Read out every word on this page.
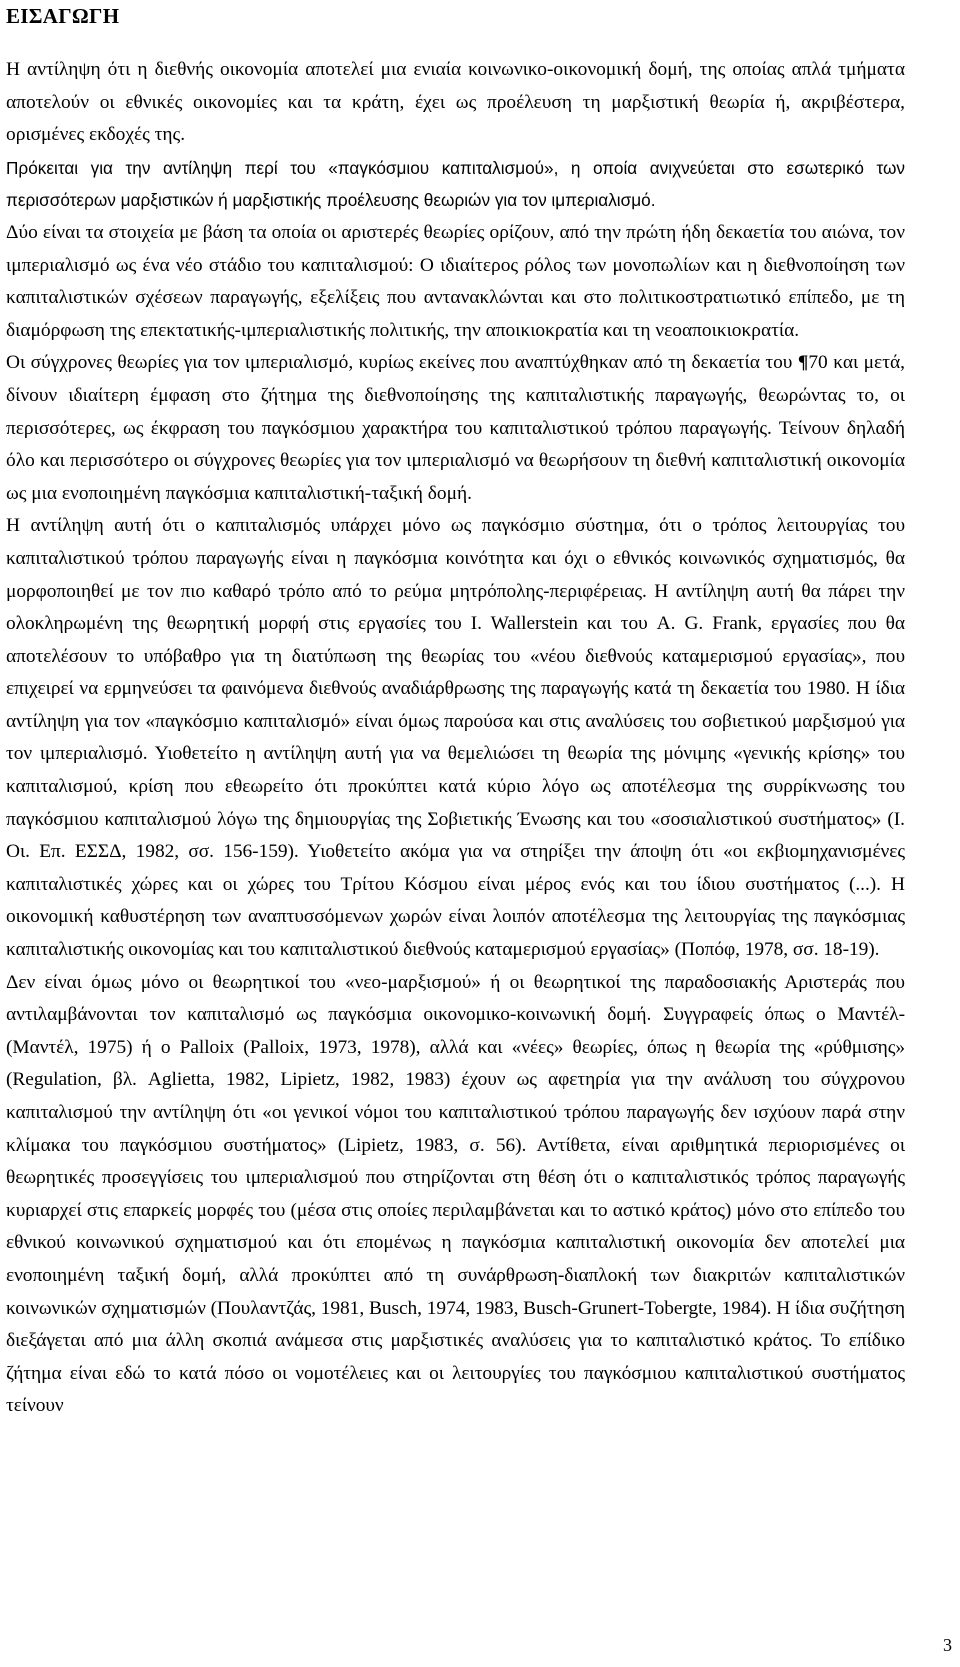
ΕΙΣΑΓΩΓΗ

Η αντίληψη ότι η διεθνής οικονομία αποτελεί μια ενιαία κοινωνικο-οικονομική δομή, της οποίας απλά τμήματα αποτελούν οι εθνικές οικονομίες και τα κράτη, έχει ως προέλευση τη μαρξιστική θεωρία ή, ακριβέστερα, ορισμένες εκδοχές της.

Πρόκειται για την αντίληψη περί του «παγκόσμιου καπιταλισμού», η οποία ανιχνεύεται στο εσωτερικό των περισσότερων μαρξιστικών ή μαρξιστικής προέλευσης θεωριών για τον ιμπεριαλισμό.

Δύο είναι τα στοιχεία με βάση τα οποία οι αριστερές θεωρίες ορίζουν, από την πρώτη ήδη δεκαετία του αιώνα, τον ιμπεριαλισμό ως ένα νέο στάδιο του καπιταλισμού: Ο ιδιαίτερος ρόλος των μονοπωλίων και η διεθνοποίηση των καπιταλιστικών σχέσεων παραγωγής, εξελίξεις που αντανακλώνται και στο πολιτικοστρατιωτικό επίπεδο, με τη διαμόρφωση της επεκτατικής-ιμπεριαλιστικής πολιτικής, την αποικιοκρατία και τη νεοαποικιοκρατία.

Οι σύγχρονες θεωρίες για τον ιμπεριαλισμό, κυρίως εκείνες που αναπτύχθηκαν από τη δεκαετία του ¶70 και μετά, δίνουν ιδιαίτερη έμφαση στο ζήτημα της διεθνοποίησης της καπιταλιστικής παραγωγής, θεωρώντας το, οι περισσότερες, ως έκφραση του παγκόσμιου χαρακτήρα του καπιταλιστικού τρόπου παραγωγής. Τείνουν δηλαδή όλο και περισσότερο οι σύγχρονες θεωρίες για τον ιμπεριαλισμό να θεωρήσουν τη διεθνή καπιταλιστική οικονομία ως μια ενοποιημένη παγκόσμια καπιταλιστική-ταξική δομή.

Η αντίληψη αυτή ότι ο καπιταλισμός υπάρχει μόνο ως παγκόσμιο σύστημα, ότι ο τρόπος λειτουργίας του καπιταλιστικού τρόπου παραγωγής είναι η παγκόσμια κοινότητα και όχι ο εθνικός κοινωνικός σχηματισμός, θα μορφοποιηθεί με τον πιο καθαρό τρόπο από το ρεύμα μητρόπολης-περιφέρειας. Η αντίληψη αυτή θα πάρει την ολοκληρωμένη της θεωρητική μορφή στις εργασίες του I. Wallerstein και του A. G. Frank, εργασίες που θα αποτελέσουν το υπόβαθρο για τη διατύπωση της θεωρίας του «νέου διεθνούς καταμερισμού εργασίας», που επιχειρεί να ερμηνεύσει τα φαινόμενα διεθνούς αναδιάρθρωσης της παραγωγής κατά τη δεκαετία του 1980. Η ίδια αντίληψη για τον «παγκόσμιο καπιταλισμό» είναι όμως παρούσα και στις αναλύσεις του σοβιετικού μαρξισμού για τον ιμπεριαλισμό. Υιοθετείτο η αντίληψη αυτή για να θεμελιώσει τη θεωρία της μόνιμης «γενικής κρίσης» του καπιταλισμού, κρίση που εθεωρείτο ότι προκύπτει κατά κύριο λόγο ως αποτέλεσμα της συρρίκνωσης του παγκόσμιου καπιταλισμού λόγω της δημιουργίας της Σοβιετικής Ένωσης και του «σοσιαλιστικού συστήματος» (Ι. Οι. Επ. ΕΣΣΔ, 1982, σσ. 156-159). Υιοθετείτο ακόμα για να στηρίξει την άποψη ότι «οι εκβιομηχανισμένες καπιταλιστικές χώρες και οι χώρες του Τρίτου Κόσμου είναι μέρος ενός και του ίδιου συστήματος (...). Η οικονομική καθυστέρηση των αναπτυσσόμενων χωρών είναι λοιπόν αποτέλεσμα της λειτουργίας της παγκόσμιας καπιταλιστικής οικονομίας και του καπιταλιστικού διεθνούς καταμερισμού εργασίας» (Ποπόφ, 1978, σσ. 18-19).

Δεν είναι όμως μόνο οι θεωρητικοί του «νεο-μαρξισμού» ή οι θεωρητικοί της παραδοσιακής Αριστεράς που αντιλαμβάνονται τον καπιταλισμό ως παγκόσμια οικονομικο-κοινωνική δομή. Συγγραφείς όπως ο Μαντέλ-(Μαντέλ, 1975) ή ο Palloix (Palloix, 1973, 1978), αλλά και «νέες» θεωρίες, όπως η θεωρία της «ρύθμισης» (Regulation, βλ. Aglietta, 1982, Lipietz, 1982, 1983) έχουν ως αφετηρία για την ανάλυση του σύγχρονου καπιταλισμού την αντίληψη ότι «οι γενικοί νόμοι του καπιταλιστικού τρόπου παραγωγής δεν ισχύουν παρά στην κλίμακα του παγκόσμιου συστήματος» (Lipietz, 1983, σ. 56). Αντίθετα, είναι αριθμητικά περιορισμένες οι θεωρητικές προσεγγίσεις του ιμπεριαλισμού που στηρίζονται στη θέση ότι ο καπιταλιστικός τρόπος παραγωγής κυριαρχεί στις επαρκείς μορφές του (μέσα στις οποίες περιλαμβάνεται και το αστικό κράτος) μόνο στο επίπεδο του εθνικού κοινωνικού σχηματισμού και ότι επομένως η παγκόσμια καπιταλιστική οικονομία δεν αποτελεί μια ενοποιημένη ταξική δομή, αλλά προκύπτει από τη συνάρθρωση-διαπλοκή των διακριτών καπιταλιστικών κοινωνικών σχηματισμών (Πουλαντζάς, 1981, Busch, 1974, 1983, Busch-Grunert-Tobergte, 1984). Η ίδια συζήτηση διεξάγεται από μια άλλη σκοπιά ανάμεσα στις μαρξιστικές αναλύσεις για το καπιταλιστικό κράτος. Το επίδικο ζήτημα είναι εδώ το κατά πόσο οι νομοτέλειες και οι λειτουργίες του παγκόσμιου καπιταλιστικού συστήματος τείνουν

3
